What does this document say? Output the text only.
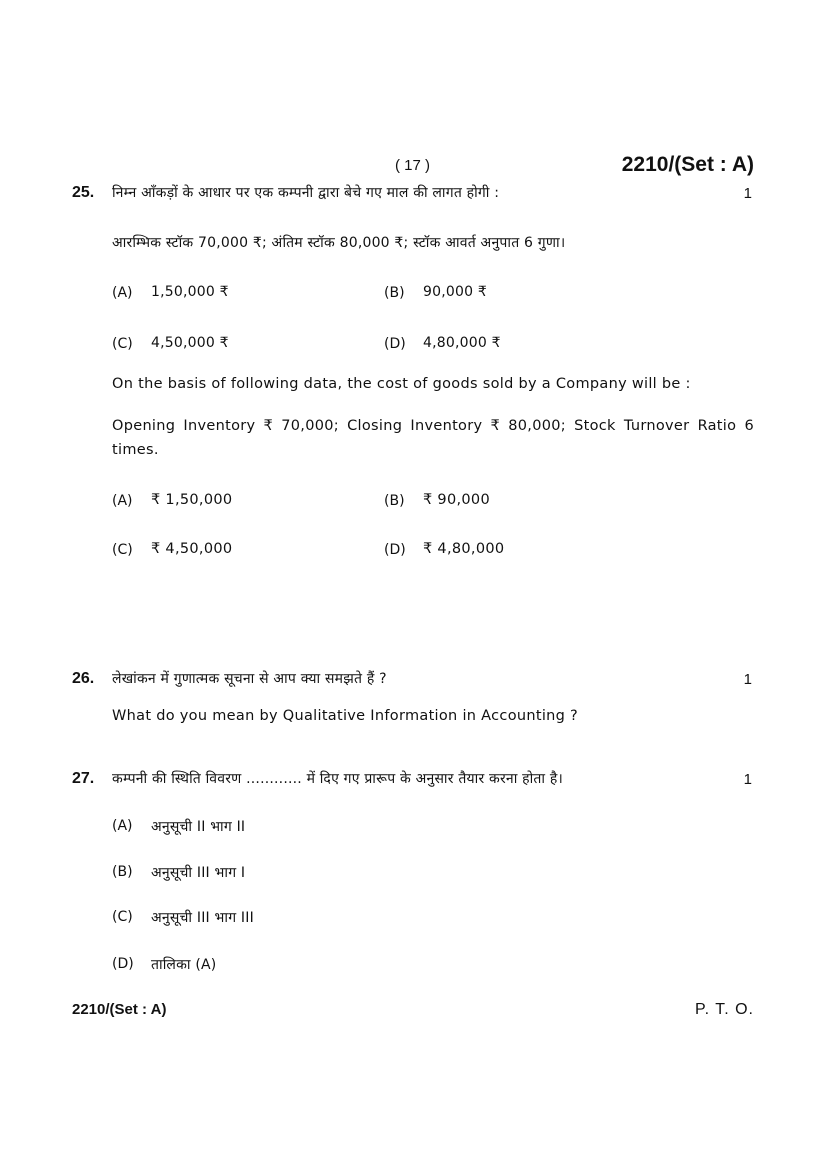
( 17 )	2210/(Set : A)
25. निम्न आँकड़ों के आधार पर एक कम्पनी द्वारा बेचे गए माल की लागत होगी :	1
आरम्भिक स्टॉक 70,000 ₹; अंतिम स्टॉक 80,000 ₹; स्टॉक आवर्त अनुपात 6 गुणा।
(A) 1,50,000 ₹	(B) 90,000 ₹
(C) 4,50,000 ₹	(D) 4,80,000 ₹
On the basis of following data, the cost of goods sold by a Company will be :
Opening Inventory ₹ 70,000; Closing Inventory ₹ 80,000; Stock Turnover Ratio 6 times.
(A) ₹ 1,50,000	(B) ₹ 90,000
(C) ₹ 4,50,000	(D) ₹ 4,80,000
26. लेखांकन में गुणात्मक सूचना से आप क्या समझते हैं ?	1
What do you mean by Qualitative Information in Accounting ?
27. कम्पनी की स्थिति विवरण ............ में दिए गए प्रारूप के अनुसार तैयार करना होता है।	1
(A) अनुसूची II भाग II
(B) अनुसूची III भाग I
(C) अनुसूची III भाग III
(D) तालिका (A)
2210/(Set : A)	P. T. O.
